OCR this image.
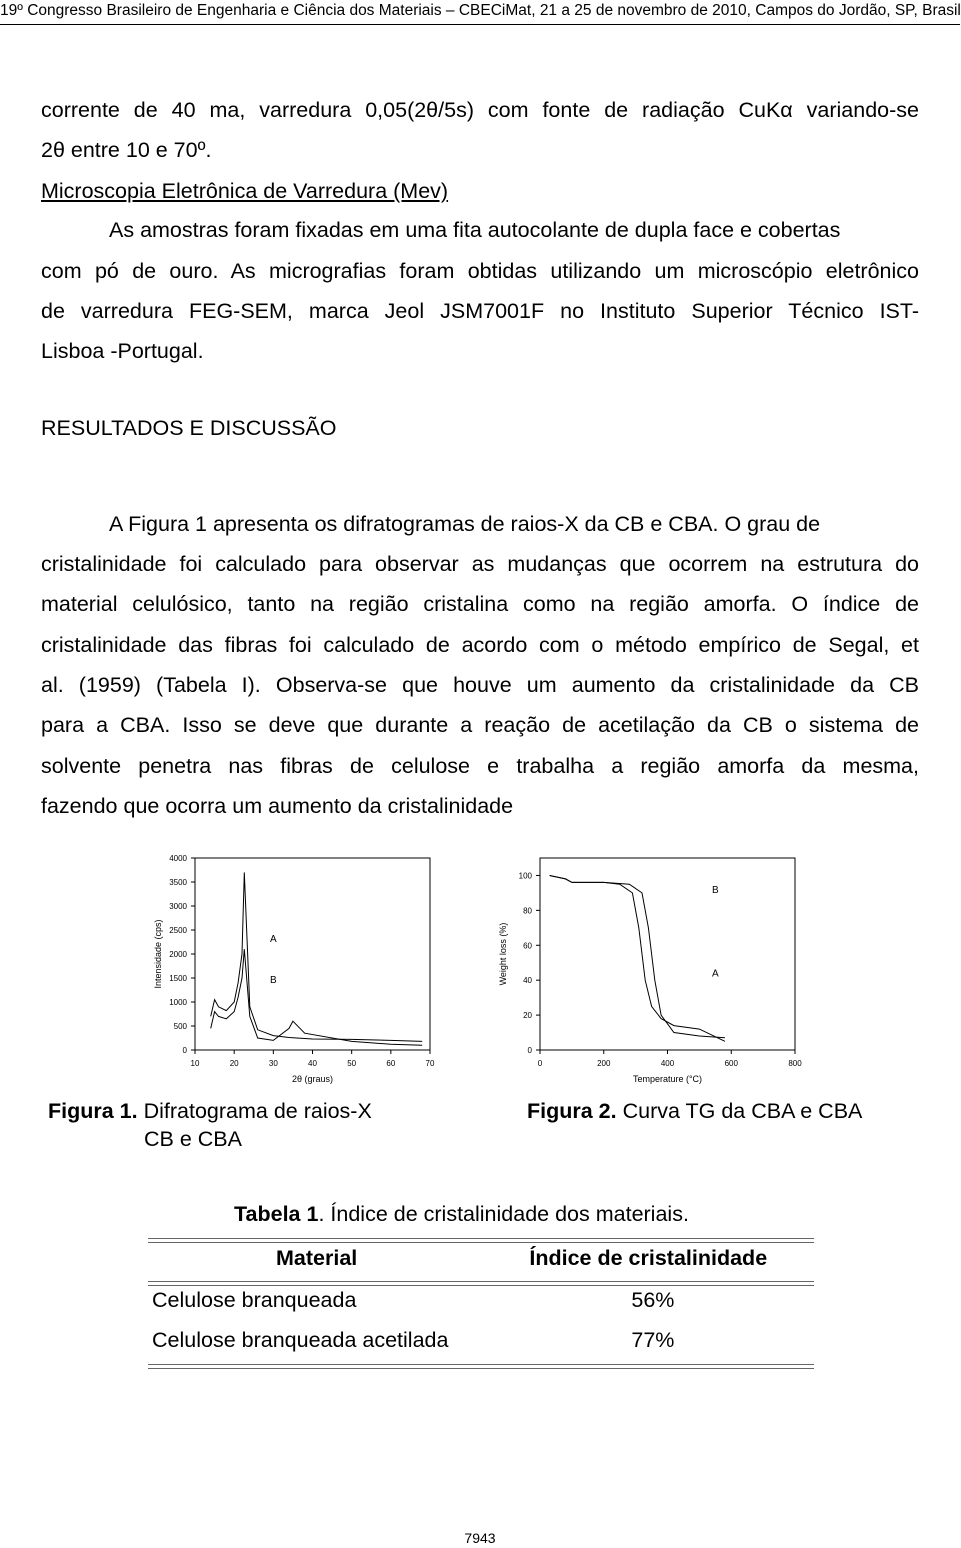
19º Congresso Brasileiro de Engenharia e Ciência dos Materiais – CBECiMat, 21 a 25 de novembro de 2010, Campos do Jordão, SP, Brasil
corrente de 40 ma, varredura 0,05(2θ/5s) com fonte de radiação CuKα variando-se
2θ entre 10 e 70º.
Microscopia Eletrônica de Varredura (Mev)
As amostras foram fixadas em uma fita autocolante de dupla face e cobertas
com pó de ouro. As micrografias foram obtidas utilizando um microscópio eletrônico
de varredura FEG-SEM, marca Jeol JSM7001F no Instituto Superior Técnico IST-
Lisboa -Portugal.
RESULTADOS E DISCUSSÃO
A Figura 1 apresenta os difratogramas de raios-X da CB e CBA. O grau de
cristalinidade foi calculado para observar as mudanças que ocorrem na estrutura do
material celulósico, tanto na região cristalina como na região amorfa. O índice de
cristalinidade das fibras foi calculado de acordo com o método empírico de Segal, et
al. (1959) (Tabela I). Observa-se que houve um aumento da cristalinidade da CB
para a CBA. Isso se deve que durante a reação de acetilação da CB o sistema de
solvente penetra nas fibras de celulose e trabalha a região amorfa da mesma,
fazendo que ocorra um aumento da cristalinidade
0
500
1000
1500
2000
2500
3000
3500
4000
10	20	30	40	50	60	70
2θ (graus)
Intensidade (cps)	A
B
0
20
40
60
80
100
0	200	400	600	800
Temperature (°C)
Weight loss (%)	A
B
Figura 1. Difratograma de raios-X
CB e CBA
Figura 2. Curva TG da CBA e CBA
Tabela 1. Índice de cristalinidade dos materiais.
Material	Índice de cristalinidade
Celulose branqueada	56%
Celulose branqueada acetilada	77%
7943
